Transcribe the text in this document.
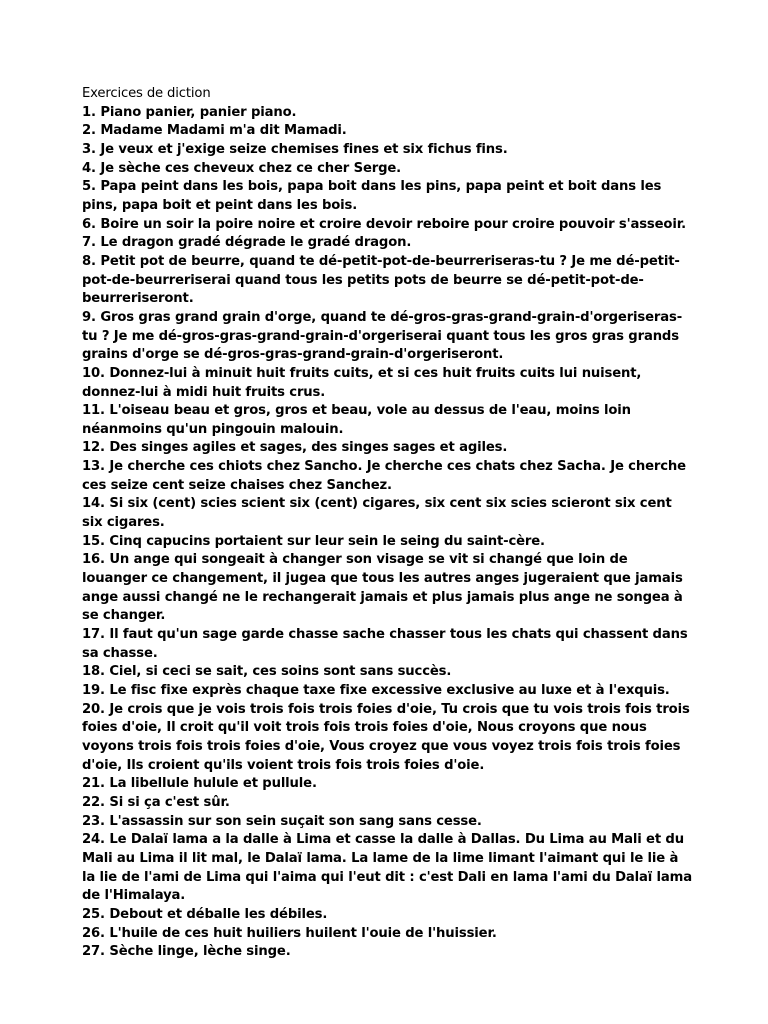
Exercices de diction

1. Piano panier, panier piano.

2. Madame Madami m'a dit Mamadi.

3. Je veux et j'exige seize chemises fines et six fichus fins.

4. Je sèche ces cheveux chez ce cher Serge.

5. Papa peint dans les bois, papa boit dans les pins, papa peint et boit dans les pins, papa boit et peint dans les bois.

6. Boire un soir la poire noire et croire devoir reboire pour croire pouvoir s'asseoir.

7. Le dragon gradé dégrade le gradé dragon.

8. Petit pot de beurre, quand te dé-petit-pot-de-beurreriseras-tu ? Je me dé-petit-pot-de-beurreriserai quand tous les petits pots de beurre se dé-petit-pot-de-beurreriseront.

9. Gros gras grand grain d'orge, quand te dé-gros-gras-grand-grain-d'orgeriseras-tu ? Je me dé-gros-gras-grand-grain-d'orgeriserai quant tous les gros gras grands grains d'orge se dé-gros-gras-grand-grain-d'orgeriseront.

10. Donnez-lui à minuit huit fruits cuits, et si ces huit fruits cuits lui nuisent, donnez-lui à midi huit fruits crus.

11. L'oiseau beau et gros, gros et beau, vole au dessus de l'eau, moins loin néanmoins qu'un pingouin malouin.

12. Des singes agiles et sages, des singes sages et agiles.

13. Je cherche ces chiots chez Sancho. Je cherche ces chats chez Sacha. Je cherche ces seize cent seize chaises chez Sanchez.

14. Si six (cent) scies scient six (cent) cigares, six cent six scies scieront six cent six cigares.

15. Cinq capucins portaient sur leur sein le seing du saint-cère.

16. Un ange qui songeait à changer son visage se vit si changé que loin de louanger ce changement, il jugea que tous les autres anges jugeraient que jamais ange aussi changé ne le rechangerait jamais et plus jamais plus ange ne songea à se changer.

17. Il faut qu'un sage garde chasse sache chasser tous les chats qui chassent dans sa chasse.

18. Ciel, si ceci se sait, ces soins sont sans succès.

19. Le fisc fixe exprès chaque taxe fixe excessive exclusive au luxe et à l'exquis.

20. Je crois que je vois trois fois trois foies d'oie, Tu crois que tu vois trois fois trois foies d'oie, Il croit qu'il voit trois fois trois foies d'oie, Nous croyons que nous voyons trois fois trois foies d'oie, Vous croyez que vous voyez trois fois trois foies d'oie, Ils croient qu'ils voient trois fois trois foies d'oie.

21. La libellule hulule et pullule.

22. Si si ça c'est sûr.

23. L'assassin sur son sein suçait son sang sans cesse.

24. Le Dalaï lama a la dalle à Lima et casse la dalle à Dallas. Du Lima au Mali et du Mali au Lima il lit mal, le Dalaï lama. La lame de la lime limant l'aimant qui le lie à la lie de l'ami de Lima qui l'aima qui l'eut dit : c'est Dali en lama l'ami du Dalaï lama de l'Himalaya.

25. Debout et déballe les débiles.

26. L'huile de ces huit huiliers huilent l'ouie de l'huissier.

27. Sèche linge, lèche singe.
